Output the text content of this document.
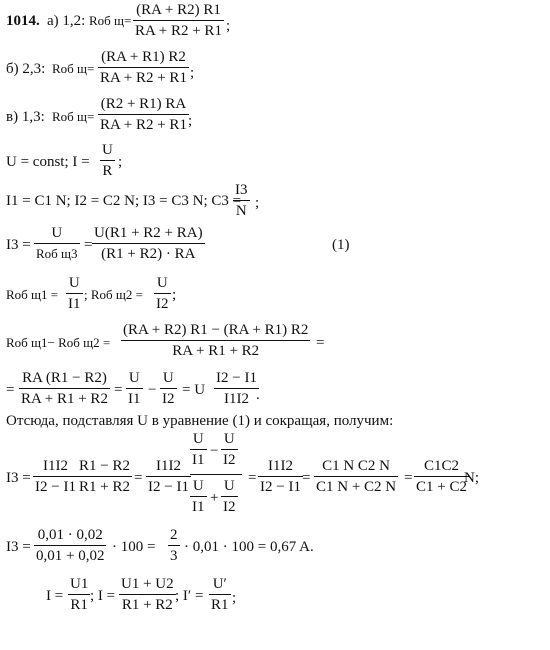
1014. а) 1,2: Rоб $щ= \frac{(RA + R2) R1}{RA + R2 + R1}$ ;
б) 2,3: Rоб $щ= \frac{(RA + R1) R2}{RA + R2 + R1}$ ;
в) 1,3: Rоб $щ= \frac{(R2 + R1) RA}{RA + R2 + R1}$ ;
U = const; $I = \frac{U}{R}$ ;
I1 = C1 N; I2 = C2 N; I3 = C3 N; C3 =
$\frac{I3}{N}$ ;
I3 =
U
Rоб щ3
= $\frac{U(R1 + R2 + RA)}{(R1 + R2) \cdot RA}$	(1)
Rоб $щ1 = \frac{U}{I1}$ ; Rоб $щ2 = \frac{U}{I2}$ ;
Rоб щ1− Rоб $щ2 = \frac{(RA + R2) R1 - (RA + R1) R2}{RA + R1 + R2}$ =
= $\frac{RA (R1 - R2)}{RA + R1 + R2} = \frac{U}{I1} - \frac{U}{I2} = U \frac{I2 - I1}{I1I2}$
.
Отсюда, подставляя U в уравнение (1) и сокращая, получим:
$I3 = \frac{I1I2}{I2 - I1} \frac{R1 - R2}{R1 + R2} = \frac{I1I2}{I2 - I1}$
$\frac{U}{I1} - \frac{U}{I2}$
$\frac{U}{I1} + \frac{U}{I2}$
= $\frac{I1I2}{I2 - I1} = \frac{\text{C1 N C2 N}}{C1 N + C2 N} = \frac{C1C2}{C1 + C2}$
N;
$I3 = \frac{0,01 \cdot 0,02}{0,01 + 0,02} \cdot 100 = \frac{2}{3} \cdot 0,01 \cdot 100 = 0,67$ A.
$I = \frac{U1}{R1}$ ; $I = \frac{U1 + U2}{R1 + R2}$ ; $I' = \frac{U'}{R1}$ ;
